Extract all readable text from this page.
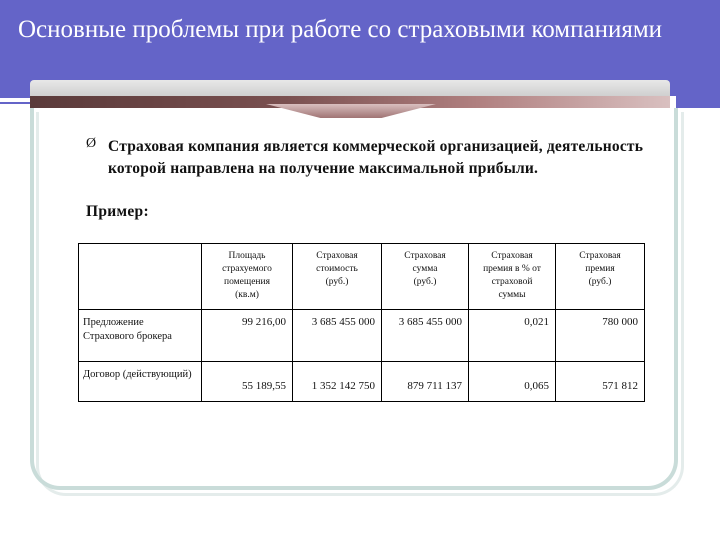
Основные проблемы при работе со страховыми компаниями
Ø Страховая компания является коммерческой организацией, деятельность которой направлена на получение максимальной прибыли.
Пример:

	Площадь страхуемого помещения (кв.м)	Страховая стоимость (руб.)	Страховая сумма (руб.)	Страховая премия в % от страховой суммы	Страховая премия (руб.)

Предложение Страхового брокера	99 216,00	3 685 455 000	3 685 455 000	0,021	780 000
Договор (действующий)	55 189,55	1 352 142 750	879 711 137	0,065	571 812
